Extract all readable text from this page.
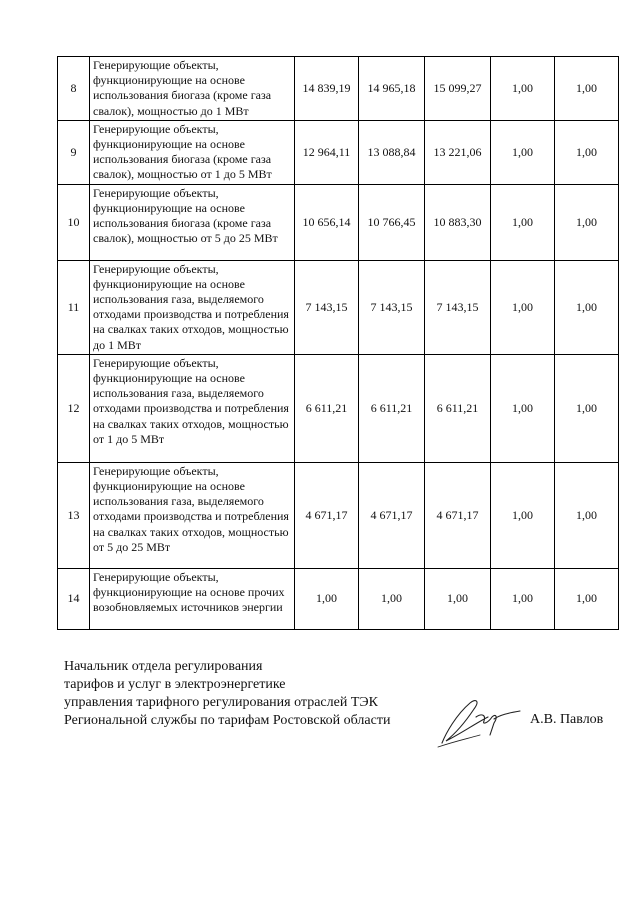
8	Генерирующие объекты, функционирующие на основе использования биогаза (кроме газа свалок), мощностью до 1 МВт	14 839,19	14 965,18	15 099,27	1,00	1,00
9	Генерирующие объекты, функционирующие на основе использования биогаза (кроме газа свалок), мощностью от 1 до 5 МВт	12 964,11	13 088,84	13 221,06	1,00	1,00
10	Генерирующие объекты, функционирующие на основе использования биогаза (кроме газа свалок), мощностью от 5 до 25 МВт	10 656,14	10 766,45	10 883,30	1,00	1,00
11	Генерирующие объекты, функционирующие на основе использования газа, выделяемого отходами производства и потребления на свалках таких отходов, мощностью до 1 МВт	7 143,15	7 143,15	7 143,15	1,00	1,00
12	Генерирующие объекты, функционирующие на основе использования газа, выделяемого отходами производства и потребления на свалках таких отходов, мощностью от 1 до 5 МВт	6 611,21	6 611,21	6 611,21	1,00	1,00
13	Генерирующие объекты, функционирующие на основе использования газа, выделяемого отходами производства и потребления на свалках таких отходов, мощностью от 5 до 25 МВт	4 671,17	4 671,17	4 671,17	1,00	1,00
14	Генерирующие объекты, функционирующие на основе прочих возобновляемых источников энергии	1,00	1,00	1,00	1,00	1,00
Начальник отдела регулирования
тарифов и услуг в электроэнергетике
управления тарифного регулирования отраслей ТЭК
Региональной службы по тарифам Ростовской области	А.В. Павлов
